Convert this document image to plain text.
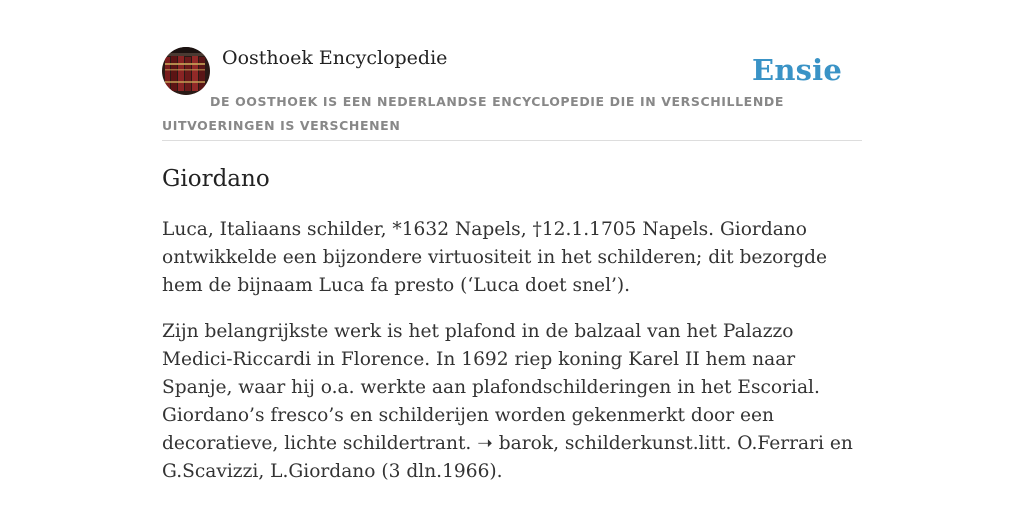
Oosthoek Encyclopedie	Ensie
DE OOSTHOEK IS EEN NEDERLANDSE ENCYCLOPEDIE DIE IN VERSCHILLENDE UITVOERINGEN IS VERSCHENEN
Giordano

Luca, Italiaans schilder, *1632 Napels, †12.1.1705 Napels. Giordano ontwikkelde een bijzondere virtuositeit in het schilderen; dit bezorgde hem de bijnaam Luca fa presto (‘Luca doet snel’).

Zijn belangrijkste werk is het plafond in de balzaal van het Palazzo Medici-Riccardi in Florence. In 1692 riep koning Karel II hem naar Spanje, waar hij o.a. werkte aan plafondschilderingen in het Escorial. Giordano’s fresco’s en schilderijen worden gekenmerkt door een decoratieve, lichte schildertrant. ➝ barok, schilderkunst.litt. O.Ferrari en G.Scavizzi, L.Giordano (3 dln.1966).
